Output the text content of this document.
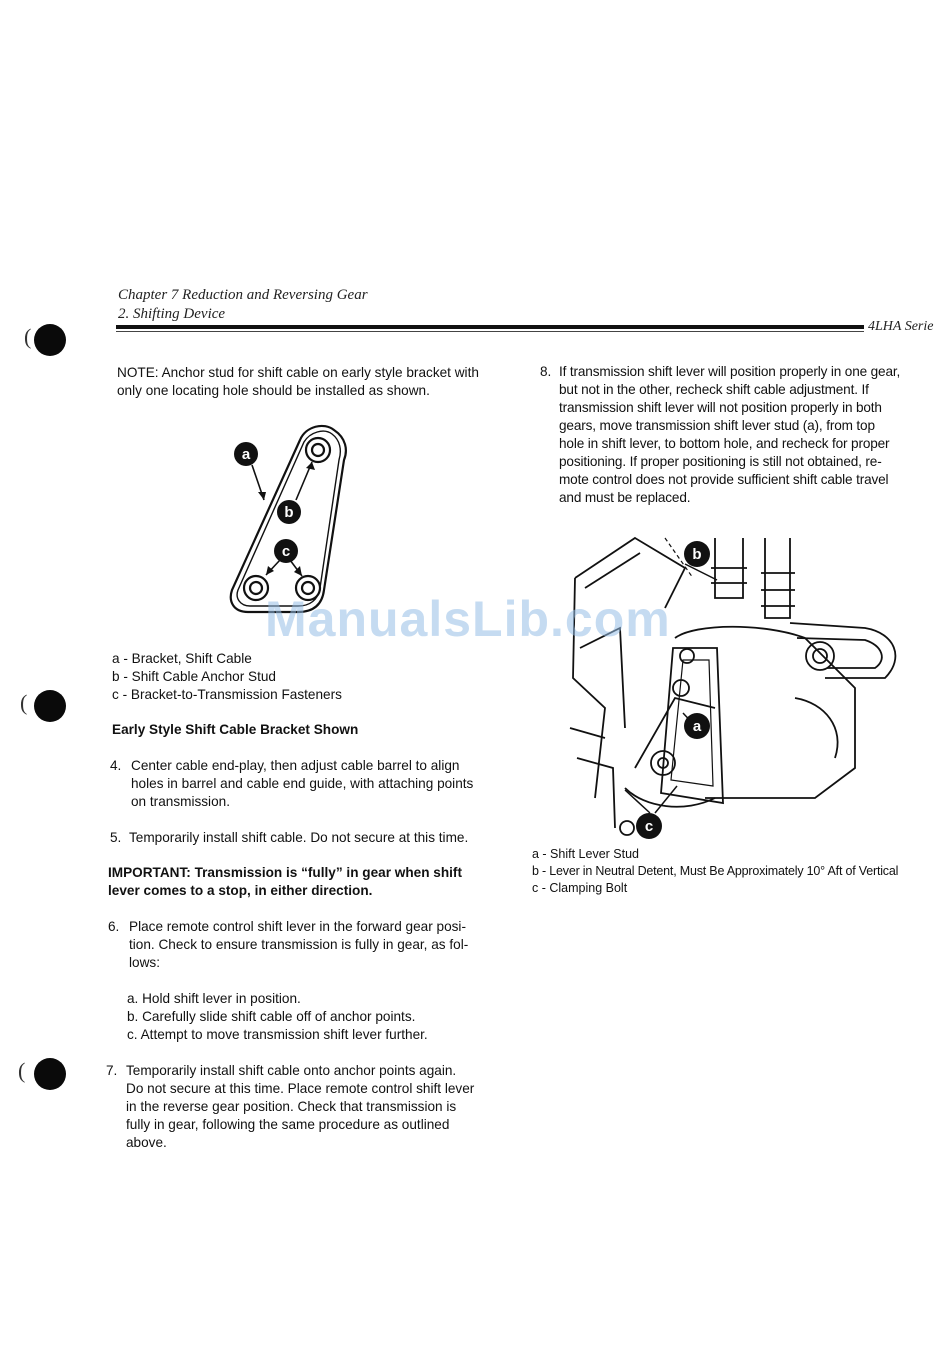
(
(
(
Chapter 7 Reduction and Reversing Gear
2. Shifting Device
4LHA Serie
NOTE: Anchor stud for shift cable on early style bracket with
only one locating hole should be installed as shown.
a
b
c
a - Bracket, Shift Cable
b - Shift Cable Anchor Stud
c - Bracket-to-Transmission Fasteners
Early Style Shift Cable Bracket Shown
4. Center cable end-play, then adjust cable barrel to align
holes in barrel and cable end guide, with attaching points
on transmission.
5. Temporarily install shift cable. Do not secure at this time.
IMPORTANT: Transmission is “fully” in gear when shift
lever comes to a stop, in either direction.
6. Place remote control shift lever in the forward gear posi-
tion. Check to ensure transmission is fully in gear, as fol-
lows:
a. Hold shift lever in position.
b. Carefully slide shift cable off of anchor points.
c. Attempt to move transmission shift lever further.
7. Temporarily install shift cable onto anchor points again.
Do not secure at this time. Place remote control shift lever
in the reverse gear position. Check that transmission is
fully in gear, following the same procedure as outlined
above.
8. If transmission shift lever will position properly in one gear,
but not in the other, recheck shift cable adjustment. If
transmission shift lever will not position properly in both
gears, move transmission shift lever stud (a), from top
hole in shift lever, to bottom hole, and recheck for proper
positioning. If proper positioning is still not obtained, re-
mote control does not provide sufficient shift cable travel
and must be replaced.
b
a
c
a - Shift Lever Stud
b - Lever in Neutral Detent, Must Be Approximately 10° Aft of Vertical
c - Clamping Bolt
ManualsLib.com
